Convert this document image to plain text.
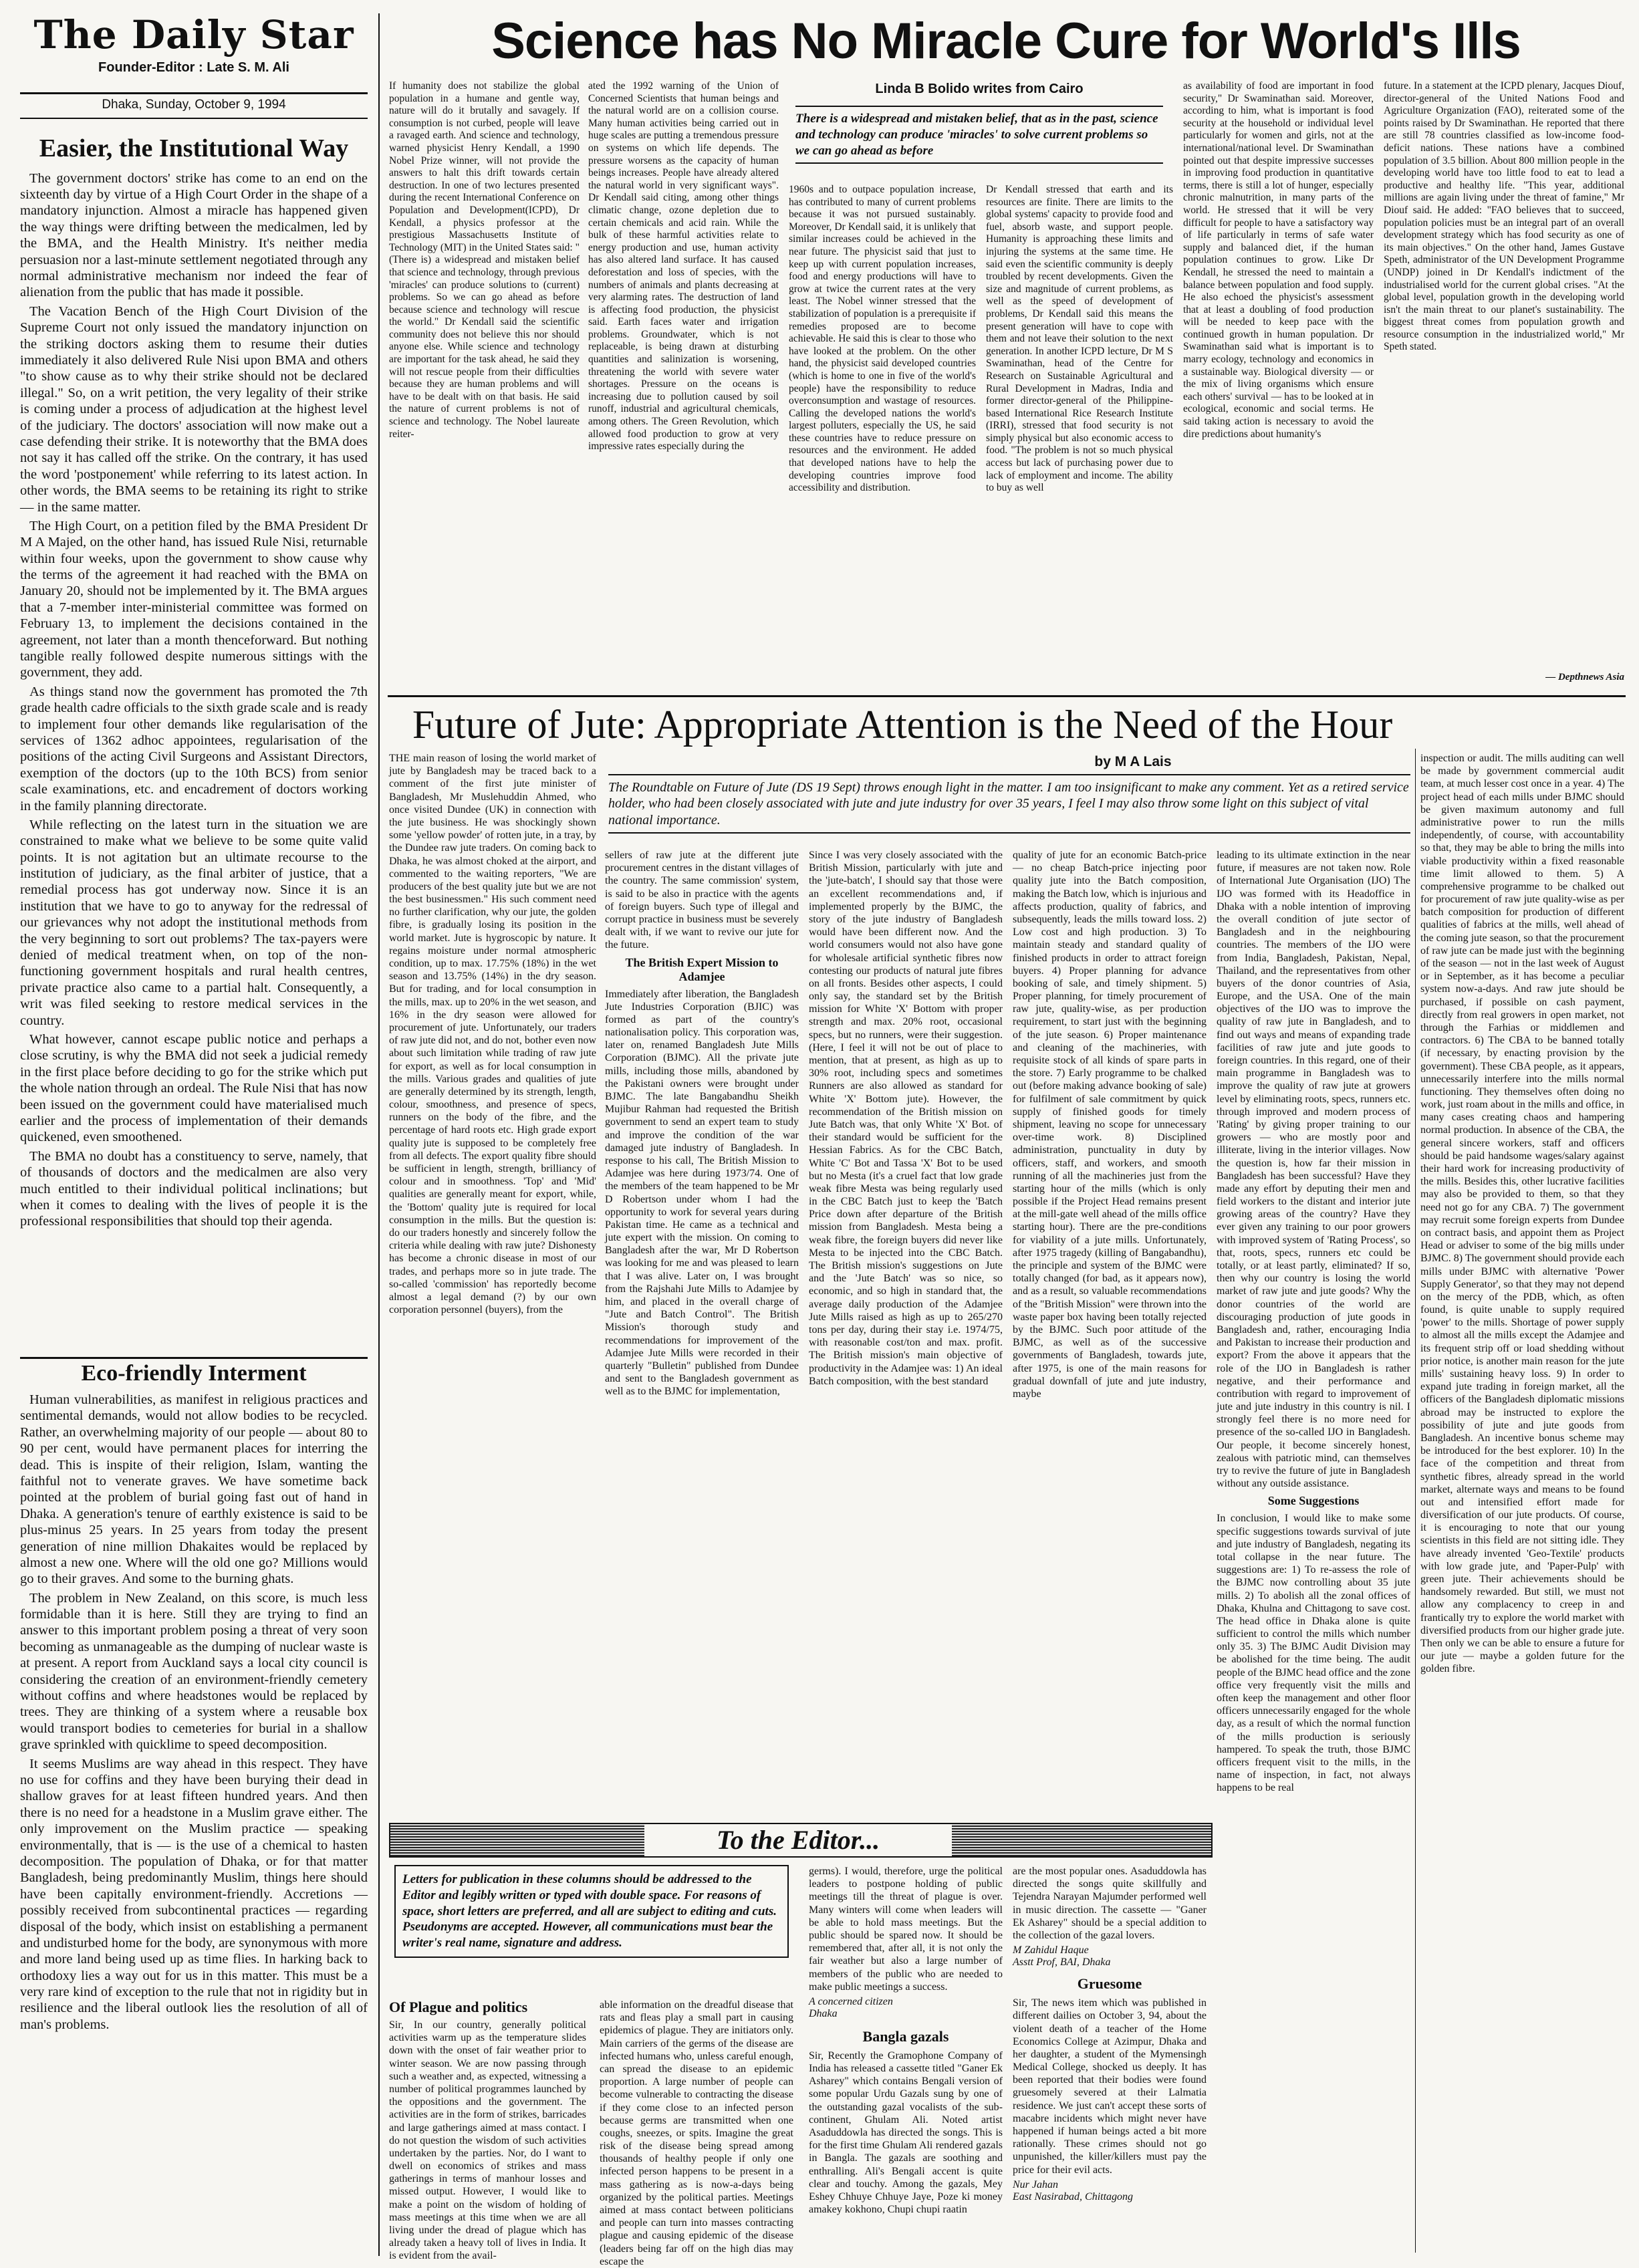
The Daily Star
Founder-Editor : Late S. M. Ali
Dhaka, Sunday, October 9, 1994
Easier, the Institutional Way

The government doctors' strike has come to an end on the sixteenth day by virtue of a High Court Order in the shape of a mandatory injunction. Almost a miracle has happened given the way things were drifting between the medicalmen, led by the BMA, and the Health Ministry. It's neither media persuasion nor a last-minute settlement negotiated through any normal administrative mechanism nor indeed the fear of alienation from the public that has made it possible.

The Vacation Bench of the High Court Division of the Supreme Court not only issued the mandatory injunction on the striking doctors asking them to resume their duties immediately it also delivered Rule Nisi upon BMA and others "to show cause as to why their strike should not be declared illegal." So, on a writ petition, the very legality of their strike is coming under a process of adjudication at the highest level of the judiciary. The doctors' association will now make out a case defending their strike. It is noteworthy that the BMA does not say it has called off the strike. On the contrary, it has used the word 'postponement' while referring to its latest action. In other words, the BMA seems to be retaining its right to strike — in the same matter.

The High Court, on a petition filed by the BMA President Dr M A Majed, on the other hand, has issued Rule Nisi, returnable within four weeks, upon the government to show cause why the terms of the agreement it had reached with the BMA on January 20, should not be implemented by it. The BMA argues that a 7-member inter-ministerial committee was formed on February 13, to implement the decisions contained in the agreement, not later than a month thenceforward. But nothing tangible really followed despite numerous sittings with the government, they add.

As things stand now the government has promoted the 7th grade health cadre officials to the sixth grade scale and is ready to implement four other demands like regularisation of the services of 1362 adhoc appointees, regularisation of the positions of the acting Civil Surgeons and Assistant Directors, exemption of the doctors (up to the 10th BCS) from senior scale examinations, etc. and encadrement of doctors working in the family planning directorate.

While reflecting on the latest turn in the situation we are constrained to make what we believe to be some quite valid points. It is not agitation but an ultimate recourse to the institution of judiciary, as the final arbiter of justice, that a remedial process has got underway now. Since it is an institution that we have to go to anyway for the redressal of our grievances why not adopt the institutional methods from the very beginning to sort out problems? The tax-payers were denied of medical treatment when, on top of the non-functioning government hospitals and rural health centres, private practice also came to a partial halt. Consequently, a writ was filed seeking to restore medical services in the country.

What however, cannot escape public notice and perhaps a close scrutiny, is why the BMA did not seek a judicial remedy in the first place before deciding to go for the strike which put the whole nation through an ordeal. The Rule Nisi that has now been issued on the government could have materialised much earlier and the process of implementation of their demands quickened, even smoothened.

The BMA no doubt has a constituency to serve, namely, that of thousands of doctors and the medicalmen are also very much entitled to their individual political inclinations; but when it comes to dealing with the lives of people it is the professional responsibilities that should top their agenda.

Eco-friendly Interment

Human vulnerabilities, as manifest in religious practices and sentimental demands, would not allow bodies to be recycled. Rather, an overwhelming majority of our people — about 80 to 90 per cent, would have permanent places for interring the dead. This is inspite of their religion, Islam, wanting the faithful not to venerate graves. We have sometime back pointed at the problem of burial going fast out of hand in Dhaka. A generation's tenure of earthly existence is said to be plus-minus 25 years. In 25 years from today the present generation of nine million Dhakaites would be replaced by almost a new one. Where will the old one go? Millions would go to their graves. And some to the burning ghats.

The problem in New Zealand, on this score, is much less formidable than it is here. Still they are trying to find an answer to this important problem posing a threat of very soon becoming as unmanageable as the dumping of nuclear waste is at present. A report from Auckland says a local city council is considering the creation of an environment-friendly cemetery without coffins and where headstones would be replaced by trees. They are thinking of a system where a reusable box would transport bodies to cemeteries for burial in a shallow grave sprinkled with quicklime to speed decomposition.

It seems Muslims are way ahead in this respect. They have no use for coffins and they have been burying their dead in shallow graves for at least fifteen hundred years. And then there is no need for a headstone in a Muslim grave either. The only improvement on the Muslim practice — speaking environmentally, that is — is the use of a chemical to hasten decomposition. The population of Dhaka, or for that matter Bangladesh, being predominantly Muslim, things here should have been capitally environment-friendly. Accretions — possibly received from subcontinental practices — regarding disposal of the body, which insist on establishing a permanent and undisturbed home for the body, are synonymous with more and more land being used up as time flies. In harking back to orthodoxy lies a way out for us in this matter. This must be a very rare kind of exception to the rule that not in rigidity but in resilience and the liberal outlook lies the resolution of all of man's problems.

Science has No Miracle Cure for World's Ills
If humanity does not stabilize the global population in a humane and gentle way, nature will do it brutally and savagely. If consumption is not curbed, people will leave a ravaged earth. And science and technology, warned physicist Henry Kendall, a 1990 Nobel Prize winner, will not provide the answers to halt this drift towards certain destruction. In one of two lectures presented during the recent International Conference on Population and Development(ICPD), Dr Kendall, a physics professor at the prestigious Massachusetts Institute of Technology (MIT) in the United States said: "(There is) a widespread and mistaken belief that science and technology, through previous 'miracles' can produce solutions to (current) problems. So we can go ahead as before because science and technology will rescue the world." Dr Kendall said the scientific community does not believe this nor should anyone else. While science and technology are important for the task ahead, he said they will not rescue people from their difficulties because they are human problems and will have to be dealt with on that basis. He said the nature of current problems is not of science and technology. The Nobel laureate reiter-
ated the 1992 warning of the Union of Concerned Scientists that human beings and the natural world are on a collision course. Many human activities being carried out in huge scales are putting a tremendous pressure on systems on which life depends. The pressure worsens as the capacity of human beings increases. People have already altered the natural world in very significant ways". Dr Kendall said citing, among other things climatic change, ozone depletion due to certain chemicals and acid rain. While the bulk of these harmful activities relate to energy production and use, human activity has also altered land surface. It has caused deforestation and loss of species, with the numbers of animals and plants decreasing at very alarming rates. The destruction of land is affecting food production, the physicist said. Earth faces water and irrigation problems. Groundwater, which is not replaceable, is being drawn at disturbing quantities and salinization is worsening, threatening the world with severe water shortages. Pressure on the oceans is increasing due to pollution caused by soil runoff, industrial and agricultural chemicals, among others. The Green Revolution, which allowed food production to grow at very impressive rates especially during the
Linda B Bolido writes from Cairo
There is a widespread and mistaken belief, that as in the past, science and technology can produce 'miracles' to solve current problems so we can go ahead as before
1960s and to outpace population increase, has contributed to many of current problems because it was not pursued sustainably. Moreover, Dr Kendall said, it is unlikely that similar increases could be achieved in the near future. The physicist said that just to keep up with current population increases, food and energy productions will have to grow at twice the current rates at the very least. The Nobel winner stressed that the stabilization of population is a prerequisite if remedies proposed are to become achievable. He said this is clear to those who have looked at the problem. On the other hand, the physicist said developed countries (which is home to one in five of the world's people) have the responsibility to reduce overconsumption and wastage of resources. Calling the developed nations the world's largest polluters, especially the US, he said these countries have to reduce pressure on resources and the environment. He added that developed nations have to help the developing countries improve food accessibility and distribution.
Dr Kendall stressed that earth and its resources are finite. There are limits to the global systems' capacity to provide food and fuel, absorb waste, and support people. Humanity is approaching these limits and injuring the systems at the same time. He said even the scientific community is deeply troubled by recent developments. Given the size and magnitude of current problems, as well as the speed of development of problems, Dr Kendall said this means the present generation will have to cope with them and not leave their solution to the next generation. In another ICPD lecture, Dr M S Swaminathan, head of the Centre for Research on Sustainable Agricultural and Rural Development in Madras, India and former director-general of the Philippine-based International Rice Research Institute (IRRI), stressed that food security is not simply physical but also economic access to food. "The problem is not so much physical access but lack of purchasing power due to lack of employment and income. The ability to buy as well
as availability of food are important in food security," Dr Swaminathan said. Moreover, according to him, what is important is food security at the household or individual level particularly for women and girls, not at the international/national level. Dr Swaminathan pointed out that despite impressive successes in improving food production in quantitative terms, there is still a lot of hunger, especially chronic malnutrition, in many parts of the world. He stressed that it will be very difficult for people to have a satisfactory way of life particularly in terms of safe water supply and balanced diet, if the human population continues to grow. Like Dr Kendall, he stressed the need to maintain a balance between population and food supply. He also echoed the physicist's assessment that at least a doubling of food production will be needed to keep pace with the continued growth in human population. Dr Swaminathan said what is important is to marry ecology, technology and economics in a sustainable way. Biological diversity — or the mix of living organisms which ensure each others' survival — has to be looked at in ecological, economic and social terms. He said taking action is necessary to avoid the dire predictions about humanity's
future. In a statement at the ICPD plenary, Jacques Diouf, director-general of the United Nations Food and Agriculture Organization (FAO), reiterated some of the points raised by Dr Swaminathan. He reported that there are still 78 countries classified as low-income food-deficit nations. These nations have a combined population of 3.5 billion. About 800 million people in the developing world have too little food to eat to lead a productive and healthy life. "This year, additional millions are again living under the threat of famine," Mr Diouf said. He added: "FAO believes that to succeed, population policies must be an integral part of an overall development strategy which has food security as one of its main objectives." On the other hand, James Gustave Speth, administrator of the UN Development Programme (UNDP) joined in Dr Kendall's indictment of the industrialised world for the current global crises. "At the global level, population growth in the developing world isn't the main threat to our planet's sustainability. The biggest threat comes from population growth and resource consumption in the industrialized world," Mr Speth stated.
— Depthnews Asia
Future of Jute: Appropriate Attention is the Need of the Hour
by M A Lais
The Roundtable on Future of Jute (DS 19 Sept) throws enough light in the matter. I am too insignificant to make any comment. Yet as a retired service holder, who had been closely associated with jute and jute industry for over 35 years, I feel I may also throw some light on this subject of vital national importance.
THE main reason of losing the world market of jute by Bangladesh may be traced back to a comment of the first jute minister of Bangladesh, Mr Muslehuddin Ahmed, who once visited Dundee (UK) in connection with the jute business. He was shockingly shown some 'yellow powder' of rotten jute, in a tray, by the Dundee raw jute traders. On coming back to Dhaka, he was almost choked at the airport, and commented to the waiting reporters, "We are producers of the best quality jute but we are not the best businessmen." His such comment need no further clarification, why our jute, the golden fibre, is gradually losing its position in the world market. Jute is hygroscopic by nature. It regains moisture under normal atmospheric condition, up to max. 17.75% (18%) in the wet season and 13.75% (14%) in the dry season. But for trading, and for local consumption in the mills, max. up to 20% in the wet season, and 16% in the dry season were allowed for procurement of jute. Unfortunately, our traders of raw jute did not, and do not, bother even now about such limitation while trading of raw jute for export, as well as for local consumption in the mills. Various grades and qualities of jute are generally determined by its strength, length, colour, smoothness, and presence of specs, runners on the body of the fibre, and the percentage of hard roots etc. High grade export quality jute is supposed to be completely free from all defects. The export quality fibre should be sufficient in length, strength, brilliancy of colour and in smoothness. 'Top' and 'Mid' qualities are generally meant for export, while, the 'Bottom' quality jute is required for local consumption in the mills. But the question is: do our traders honestly and sincerely follow the criteria while dealing with raw jute? Dishonesty has become a chronic disease in most of our trades, and perhaps more so in jute trade. The so-called 'commission' has reportedly become almost a legal demand (?) by our own corporation personnel (buyers), from the
sellers of raw jute at the different jute procurement centres in the distant villages of the country. The same commission' system, is said to be also in practice with the agents of foreign buyers. Such type of illegal and corrupt practice in business must be severely dealt with, if we want to revive our jute for the future.
The British Expert Mission to Adamjee
Immediately after liberation, the Bangladesh Jute Industries Corporation (BJIC) was formed as part of the country's nationalisation policy. This corporation was, later on, renamed Bangladesh Jute Mills Corporation (BJMC). All the private jute mills, including those mills, abandoned by the Pakistani owners were brought under BJMC. The late Bangabandhu Sheikh Mujibur Rahman had requested the British government to send an expert team to study and improve the condition of the war damaged jute industry of Bangladesh. In response to his call, The British Mission to Adamjee was here during 1973/74. One of the members of the team happened to be Mr D Robertson under whom I had the opportunity to work for several years during Pakistan time. He came as a technical and jute expert with the mission. On coming to Bangladesh after the war, Mr D Robertson was looking for me and was pleased to learn that I was alive. Later on, I was brought from the Rajshahi Jute Mills to Adamjee by him, and placed in the overall charge of "Jute and Batch Control". The British Mission's thorough study and recommendations for improvement of the Adamjee Jute Mills were recorded in their quarterly "Bulletin" published from Dundee and sent to the Bangladesh government as well as to the BJMC for implementation,
Since I was very closely associated with the British Mission, particularly with jute and the 'jute-batch', I should say that those were an excellent recommendations and, if implemented properly by the BJMC, the story of the jute industry of Bangladesh would have been different now. And the world consumers would not also have gone for wholesale artificial synthetic fibres now contesting our products of natural jute fibres on all fronts. Besides other aspects, I could only say, the standard set by the British mission for White 'X' Bottom with proper strength and max. 20% root, occasional specs, but no runners, were their suggestion. (Here, I feel it will not be out of place to mention, that at present, as high as up to 30% root, including specs and sometimes Runners are also allowed as standard for White 'X' Bottom jute). However, the recommendation of the British mission on Jute Batch was, that only White 'X' Bot. of their standard would be sufficient for the Hessian Fabrics. As for the CBC Batch, White 'C' Bot and Tassa 'X' Bot to be used but no Mesta (it's a cruel fact that low grade weak fibre Mesta was being regularly used in the CBC Batch just to keep the 'Batch Price down after departure of the British mission from Bangladesh. Mesta being a weak fibre, the foreign buyers did never like Mesta to be injected into the CBC Batch. The British mission's suggestions on Jute and the 'Jute Batch' was so nice, so economic, and so high in standard that, the average daily production of the Adamjee Jute Mills raised as high as up to 265/270 tons per day, during their stay i.e. 1974/75, with reasonable cost/ton and max. profit. The British mission's main objective of productivity in the Adamjee was: 1) An ideal Batch composition, with the best standard
quality of jute for an economic Batch-price — no cheap Batch-price injecting poor quality jute into the Batch composition, making the Batch low, which is injurious and affects production, quality of fabrics, and subsequently, leads the mills toward loss. 2) Low cost and high production. 3) To maintain steady and standard quality of finished products in order to attract foreign buyers. 4) Proper planning for advance booking of sale, and timely shipment. 5) Proper planning, for timely procurement of raw jute, quality-wise, as per production requirement, to start just with the beginning of the jute season. 6) Proper maintenance and cleaning of the machineries, with requisite stock of all kinds of spare parts in the store. 7) Early programme to be chalked out (before making advance booking of sale) for fulfilment of sale commitment by quick supply of finished goods for timely shipment, leaving no scope for unnecessary over-time work. 8) Disciplined administration, punctuality in duty by officers, staff, and workers, and smooth running of all the machineries just from the starting hour of the mills (which is only possible if the Project Head remains present at the mill-gate well ahead of the mills office starting hour). There are the pre-conditions for viability of a jute mills. Unfortunately, after 1975 tragedy (killing of Bangabandhu), the principle and system of the BJMC were totally changed (for bad, as it appears now), and as a result, so valuable recommendations of the "British Mission" were thrown into the waste paper box having been totally rejected by the BJMC. Such poor attitude of the BJMC, as well as of the successive governments of Bangladesh, towards jute, after 1975, is one of the main reasons for gradual downfall of jute and jute industry, maybe
leading to its ultimate extinction in the near future, if measures are not taken now. Role of International Jute Organisation (IJO) The IJO was formed with its Headoffice in Dhaka with a noble intention of improving the overall condition of jute sector of Bangladesh and in the neighbouring countries. The members of the IJO were from India, Bangladesh, Pakistan, Nepal, Thailand, and the representatives from other buyers of the donor countries of Asia, Europe, and the USA. One of the main objectives of the IJO was to improve the quality of raw jute in Bangladesh, and to find out ways and means of expanding trade facilities of raw jute and jute goods to foreign countries. In this regard, one of their main programme in Bangladesh was to improve the quality of raw jute at growers level by eliminating roots, specs, runners etc. through improved and modern process of 'Rating' by giving proper training to our growers — who are mostly poor and illiterate, living in the interior villages. Now the question is, how far their mission in Bangladesh has been successful? Have they made any effort by deputing their men and field workers to the distant and interior jute growing areas of the country? Have they ever given any training to our poor growers with improved system of 'Rating Process', so that, roots, specs, runners etc could be totally, or at least partly, eliminated? If so, then why our country is losing the world market of raw jute and jute goods? Why the donor countries of the world are discouraging production of jute goods in Bangladesh and, rather, encouraging India and Pakistan to increase their production and export? From the above it appears that the role of the IJO in Bangladesh is rather negative, and their performance and contribution with regard to improvement of jute and jute industry in this country is nil. I strongly feel there is no more need for presence of the so-called IJO in Bangladesh. Our people, it become sincerely honest, zealous with patriotic mind, can themselves try to revive the future of jute in Bangladesh without any outside assistance.
Some Suggestions
In conclusion, I would like to make some specific suggestions towards survival of jute and jute industry of Bangladesh, negating its total collapse in the near future. The suggestions are: 1) To re-assess the role of the BJMC now controlling about 35 jute mills. 2) To abolish all the zonal offices of Dhaka, Khulna and Chittagong to save cost. The head office in Dhaka alone is quite sufficient to control the mills which number only 35. 3) The BJMC Audit Division may be abolished for the time being. The audit people of the BJMC head office and the zone office very frequently visit the mills and often keep the management and other floor officers unnecessarily engaged for the whole day, as a result of which the normal function of the mills production is seriously hampered. To speak the truth, those BJMC officers frequent visit to the mills, in the name of inspection, in fact, not always happens to be real
inspection or audit. The mills auditing can well be made by government commercial audit team, at much lesser cost once in a year. 4) The project head of each mills under BJMC should be given maximum autonomy and full administrative power to run the mills independently, of course, with accountability so that, they may be able to bring the mills into viable productivity within a fixed reasonable time limit allowed to them. 5) A comprehensive programme to be chalked out for procurement of raw jute quality-wise as per batch composition for production of different qualities of fabrics at the mills, well ahead of the coming jute season, so that the procurement of raw jute can be made just with the beginning of the season — not in the last week of August or in September, as it has become a peculiar system now-a-days. And raw jute should be purchased, if possible on cash payment, directly from real growers in open market, not through the Farhias or middlemen and contractors. 6) The CBA to be banned totally (if necessary, by enacting provision by the government). These CBA people, as it appears, unnecessarily interfere into the mills normal functioning. They themselves often doing no work, just roam about in the mills and office, in many cases creating chaos and hampering normal production. In absence of the CBA, the general sincere workers, staff and officers should be paid handsome wages/salary against their hard work for increasing productivity of the mills. Besides this, other lucrative facilities may also be provided to them, so that they need not go for any CBA. 7) The government may recruit some foreign experts from Dundee on contract basis, and appoint them as Project Head or adviser to some of the big mills under BJMC. 8) The government should provide each mills under BJMC with alternative 'Power Supply Generator', so that they may not depend on the mercy of the PDB, which, as often found, is quite unable to supply required 'power' to the mills. Shortage of power supply to almost all the mills except the Adamjee and its frequent strip off or load shedding without prior notice, is another main reason for the jute mills' sustaining heavy loss. 9) In order to expand jute trading in foreign market, all the officers of the Bangladesh diplomatic missions abroad may be instructed to explore the possibility of jute and jute goods from Bangladesh. An incentive bonus scheme may be introduced for the best explorer. 10) In the face of the competition and threat from synthetic fibres, already spread in the world market, alternate ways and means to be found out and intensified effort made for diversification of our jute products. Of course, it is encouraging to note that our young scientists in this field are not sitting idle. They have already invented 'Geo-Textile' products with low grade jute, and 'Paper-Pulp' with green jute. Their achievements should be handsomely rewarded. But still, we must not allow any complacency to creep in and frantically try to explore the world market with diversified products from our higher grade jute. Then only we can be able to ensure a future for our jute — maybe a golden future for the golden fibre.
To the Editor...
Letters for publication in these columns should be addressed to the Editor and legibly written or typed with double space. For reasons of space, short letters are preferred, and all are subject to editing and cuts. Pseudonyms are accepted. However, all communications must bear the writer's real name, signature and address.
Of Plague and politics
Sir, In our country, generally political activities warm up as the temperature slides down with the onset of fair weather prior to winter season. We are now passing through such a weather and, as expected, witnessing a number of political programmes launched by the oppositions and the government. The activities are in the form of strikes, barricades and large gatherings aimed at mass contact. I do not question the wisdom of such activities undertaken by the parties. Nor, do I want to dwell on economics of strikes and mass gatherings in terms of manhour losses and missed output. However, I would like to make a point on the wisdom of holding of mass meetings at this time when we are all living under the dread of plague which has already taken a heavy toll of lives in India. It is evident from the avail-
able information on the dreadful disease that rats and fleas play a small part in causing epidemics of plague. They are initiators only. Main carriers of the germs of the disease are infected humans who, unless careful enough, can spread the disease to an epidemic proportion. A large number of people can become vulnerable to contracting the disease if they come close to an infected person because germs are transmitted when one coughs, sneezes, or spits. Imagine the great risk of the disease being spread among thousands of healthy people if only one infected person happens to be present in a mass gathering as is now-a-days being organized by the political parties. Meetings aimed at mass contact between politicians and people can turn into masses contracting plague and causing epidemic of the disease (leaders being far off on the high dias may escape the
germs). I would, therefore, urge the political leaders to postpone holding of public meetings till the threat of plague is over. Many winters will come when leaders will be able to hold mass meetings. But the public should be spared now. It should be remembered that, after all, it is not only the fair weather but also a large number of members of the public who are needed to make public meetings a success.
A concerned citizen
Dhaka
Bangla gazals
Sir, Recently the Gramophone Company of India has released a cassette titled "Ganer Ek Asharey" which contains Bengali version of some popular Urdu Gazals sung by one of the outstanding gazal vocalists of the sub-continent, Ghulam Ali. Noted artist Asaduddowla has directed the songs. This is for the first time Ghulam Ali rendered gazals in Bangla. The gazals are soothing and enthralling. Ali's Bengali accent is quite clear and touchy. Among the gazals, Mey Eshey Chhuye Chhuye Jaye, Poze ki money amakey kokhono, Chupi chupi raatin
are the most popular ones. Asaduddowla has directed the songs quite skillfully and Tejendra Narayan Majumder performed well in music direction. The cassette — "Ganer Ek Asharey" should be a special addition to the collection of the gazal lovers.
M Zahidul Haque
Asstt Prof, BAI, Dhaka
Gruesome
Sir, The news item which was published in different dailies on October 3, 94, about the violent death of a teacher of the Home Economics College at Azimpur, Dhaka and her daughter, a student of the Mymensingh Medical College, shocked us deeply. It has been reported that their bodies were found gruesomely severed at their Lalmatia residence. We just can't accept these sorts of macabre incidents which might never have happened if human beings acted a bit more rationally. These crimes should not go unpunished, the killer/killers must pay the price for their evil acts.
Nur Jahan
East Nasirabad, Chittagong
